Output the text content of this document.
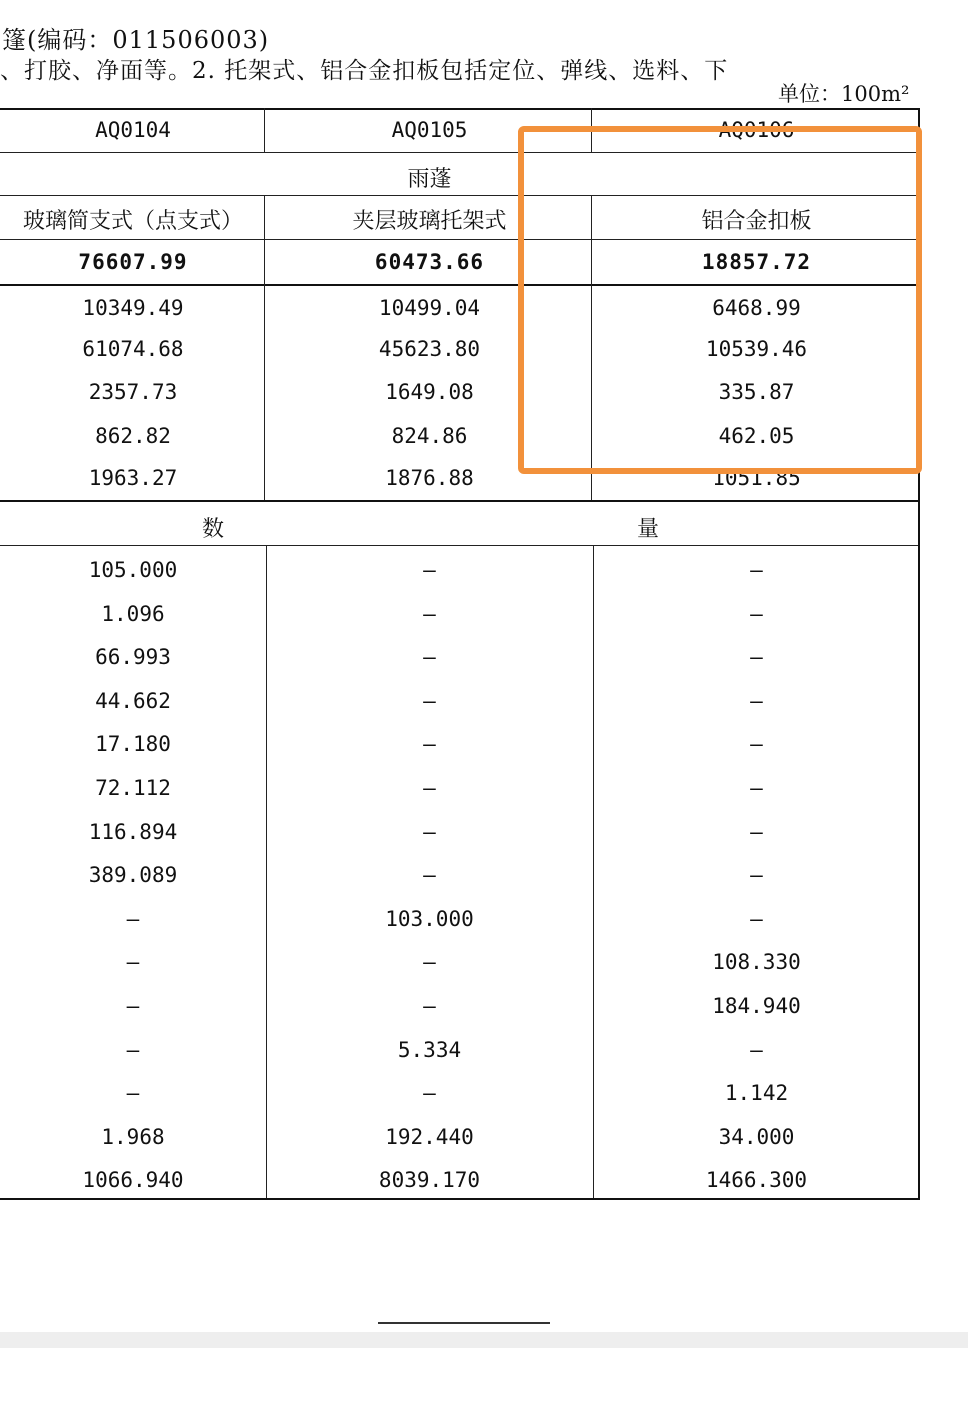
篷(编码：011506003)
、打胶、净面等。2. 托架式、铝合金扣板包括定位、弹线、选料、下
单位：100m²
AQ0104	AQ0105	AQ0106
雨蓬
玻璃简支式（点支式）	夹层玻璃托架式	铝合金扣板
76607.99	60473.66	18857.72
10349.49	10499.04	6468.99
61074.68	45623.80	10539.46
2357.73	1649.08	335.87
862.82	824.86	462.05
1963.27	1876.88	1051.85
数	量
105.000	—	—
1.096	—	—
66.993	—	—
44.662	—	—
17.180	—	—
72.112	—	—
116.894	—	—
389.089	—	—
—	103.000	—
—	—	108.330
—	—	184.940
—	5.334	—
—	—	1.142
1.968	192.440	34.000
1066.940	8039.170	1466.300
